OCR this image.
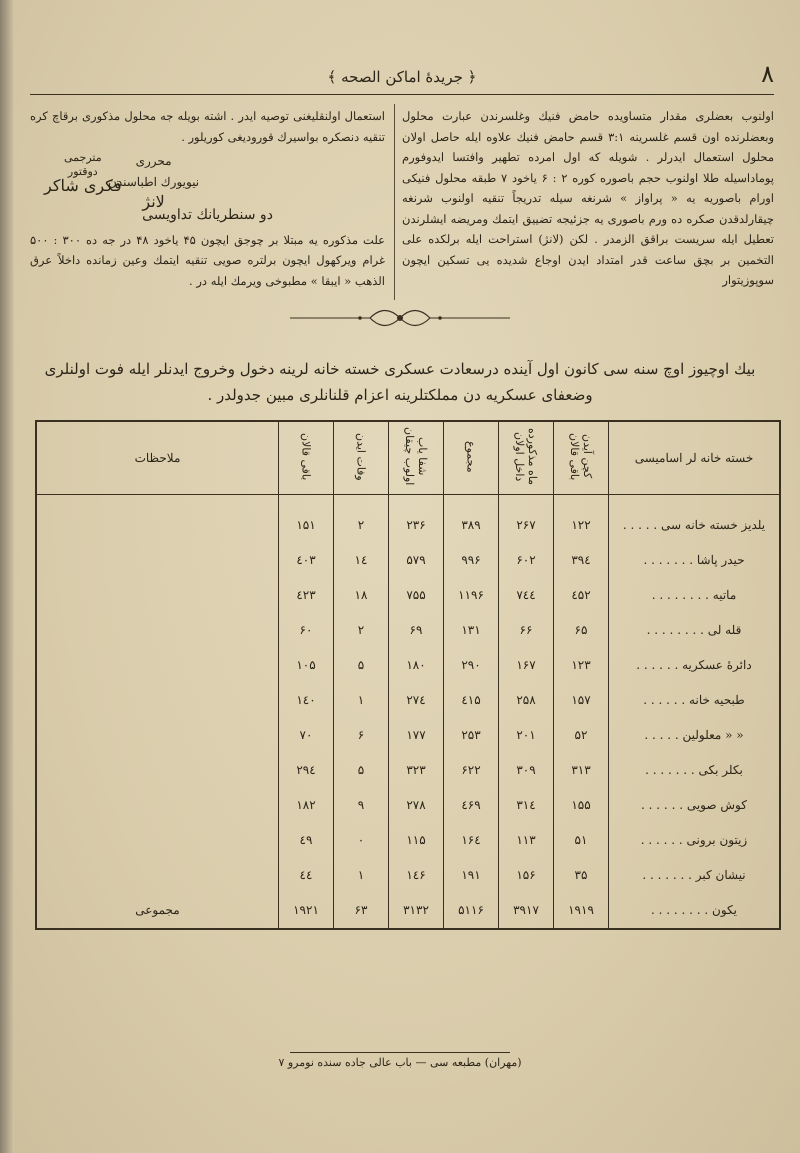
۸
﴿ جريدهٔ اماكن الصحه ﴾

اولنوب بعضلری مقدار متساویده حامض فنیك وغلسرندن عبارت محلول وبعضلرنده اون قسم غلسرینه ۳:۱ قسم حامض فنیك علاوه ایله حاصل اولان محلول استعمال ایدرلر . شویله که اول امرده تطهیر وافتسا ایدوفورم پوماداسیله طلا اولنوب حجم باصوره کوره ۲ : ۶ یاخود ۷ طبقه محلول فنیکی اورام باصوریه یه « پراواز » شرنغه سیله تدریجاً تنقیه اولنوب شرنغه چیقارلدقدن صکره ده ورم باصوری یه جزئیجه تضییق ایتمك ومریضه ایشلرندن تعطیل ایله سریست براقق الزمدر . لکن (لانژ) استراحت ایله برلکده على التخمین بر بچق ساعت قدر امتداد ایدن اوجاع شدیده یی تسکین ایچون سوپوزیتوار

استعمال اولنقلیغنی توصیه ایدر . اشته بویله جه محلول مذکوری برقاچ كره تنقیه دنصکره بواسیرك قوروديغی كوريلور .

محرری
نیویورك اطباسندن
لانژ
مترجمی
دوقتور
فكری شاكر
دو سنطریانك تداویسی

علت مذکوره یه مبتلا بر چوجق ایچون ۴۵ یاخود ۴۸ در جه ده ۳۰۰ : ۵۰۰ غرام ویرکهول ایچون برلتره صویی تنقیه ایتمك وعین زمانده داخلاً عرق الذهب « ایبقا » مطبوخی ویرمك ایله در .

بیك اوچیوز اوچ سنه سی كانون اول آینده درسعادت عسكری خسته خانه لرینه دخول وخروج ایدنلر ایله فوت اولنلری وضعفای عسكریه دن مملکتلرینه اعزام قلنانلری مبین جدولدر .
خسته خانه لر اسامیسی	كچن آیدن باقی قالان	ماه مذکورده داخل اولان	مجموع	شفا یاب اولوب چیقان	وفات ایدن	باقی قالان	ملاحظات

یلدیز خسته خانه سی . . . . .	۱۲۲	۲۶۷	۳۸۹	۲۳۶	۲	۱۵۱	
حیدر پاشا . . . . . . .	۳۹٤	۶۰۲	۹۹۶	۵۷۹	۱٤	٤۰۳	
ماتیه . . . . . . . .	٤۵۲	۷٤٤	۱۱۹۶	۷۵۵	۱۸	٤۲۳	
قله لی . . . . . . . .	۶۵	۶۶	۱۳۱	۶۹	۲	۶۰	
دائرهٔ عسکریه . . . . . .	۱۲۳	۱۶۷	۲۹۰	۱۸۰	۵	۱۰۵	
طبحیه خانه . . . . . .	۱۵۷	۲۵۸	٤۱۵	۲۷٤	۱	۱٤۰	
« « معلولین . . . . .	۵۲	۲۰۱	۲۵۳	۱۷۷	۶	۷۰	
بكلر بکی . . . . . . .	۳۱۳	۳۰۹	۶۲۲	۳۲۳	۵	۲۹٤	
کوش صویی . . . . . .	۱۵۵	۳۱٤	٤۶۹	۲۷۸	۹	۱۸۲	
زیتون برونی . . . . . .	۵۱	۱۱۳	۱۶٤	۱۱۵	۰	٤۹	
نیشان کبر . . . . . . .	۳۵	۱۵۶	۱۹۱	۱٤۶	۱	٤٤	
یکون . . . . . . . .	۱۹۱۹	۳۹۱۷	۵۱۱۶	۳۱۳۲	۶۳	۱۹۲۱	مجموعی
(مهران) مطبعه سی — باب عالی جاده سنده نومرو ۷
